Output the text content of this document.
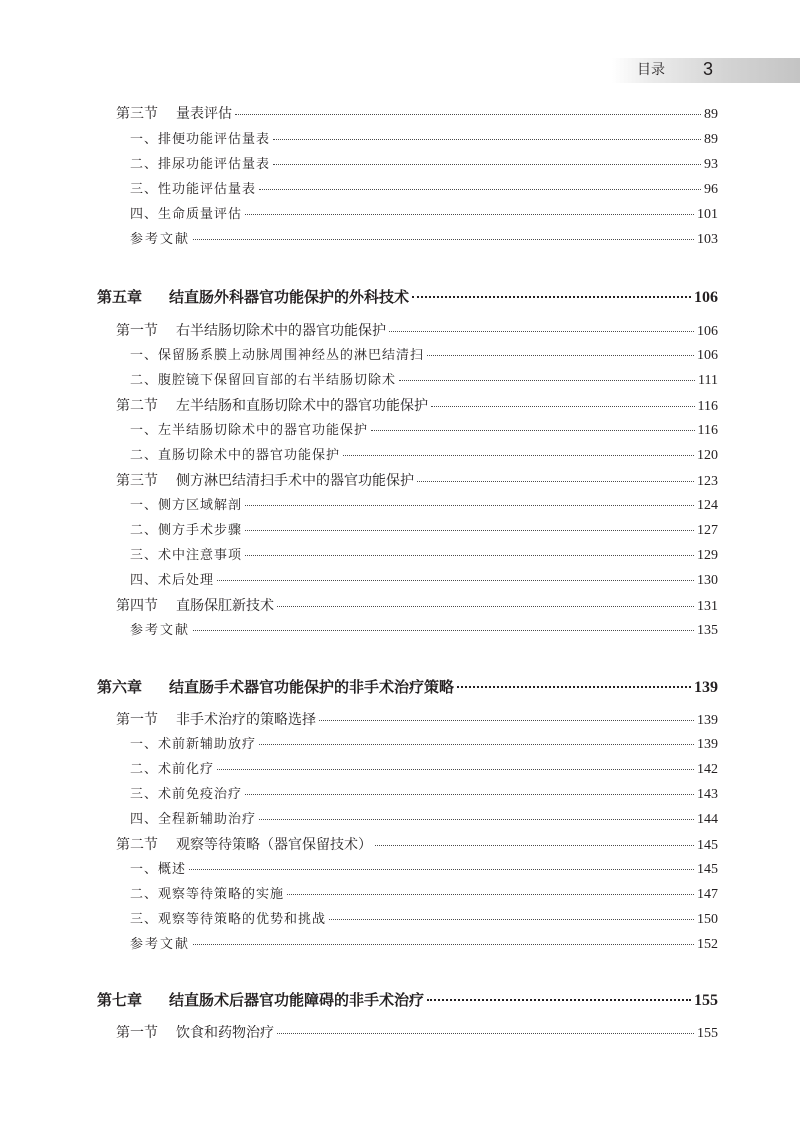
目录 3
第三节 量表评估	89
一、排便功能评估量表	89
二、排尿功能评估量表	93
三、性功能评估量表	96
四、生命质量评估	101
参考文献	103
第五章 结直肠外科器官功能保护的外科技术	106
第一节 右半结肠切除术中的器官功能保护	106
一、保留肠系膜上动脉周围神经丛的淋巴结清扫	106
二、腹腔镜下保留回盲部的右半结肠切除术	111
第二节 左半结肠和直肠切除术中的器官功能保护	116
一、左半结肠切除术中的器官功能保护	116
二、直肠切除术中的器官功能保护	120
第三节 侧方淋巴结清扫手术中的器官功能保护	123
一、侧方区域解剖	124
二、侧方手术步骤	127
三、术中注意事项	129
四、术后处理	130
第四节 直肠保肛新技术	131
参考文献	135
第六章 结直肠手术器官功能保护的非手术治疗策略	139
第一节 非手术治疗的策略选择	139
一、术前新辅助放疗	139
二、术前化疗	142
三、术前免疫治疗	143
四、全程新辅助治疗	144
第二节 观察等待策略（器官保留技术）	145
一、概述	145
二、观察等待策略的实施	147
三、观察等待策略的优势和挑战	150
参考文献	152
第七章 结直肠术后器官功能障碍的非手术治疗	155
第一节 饮食和药物治疗	155
